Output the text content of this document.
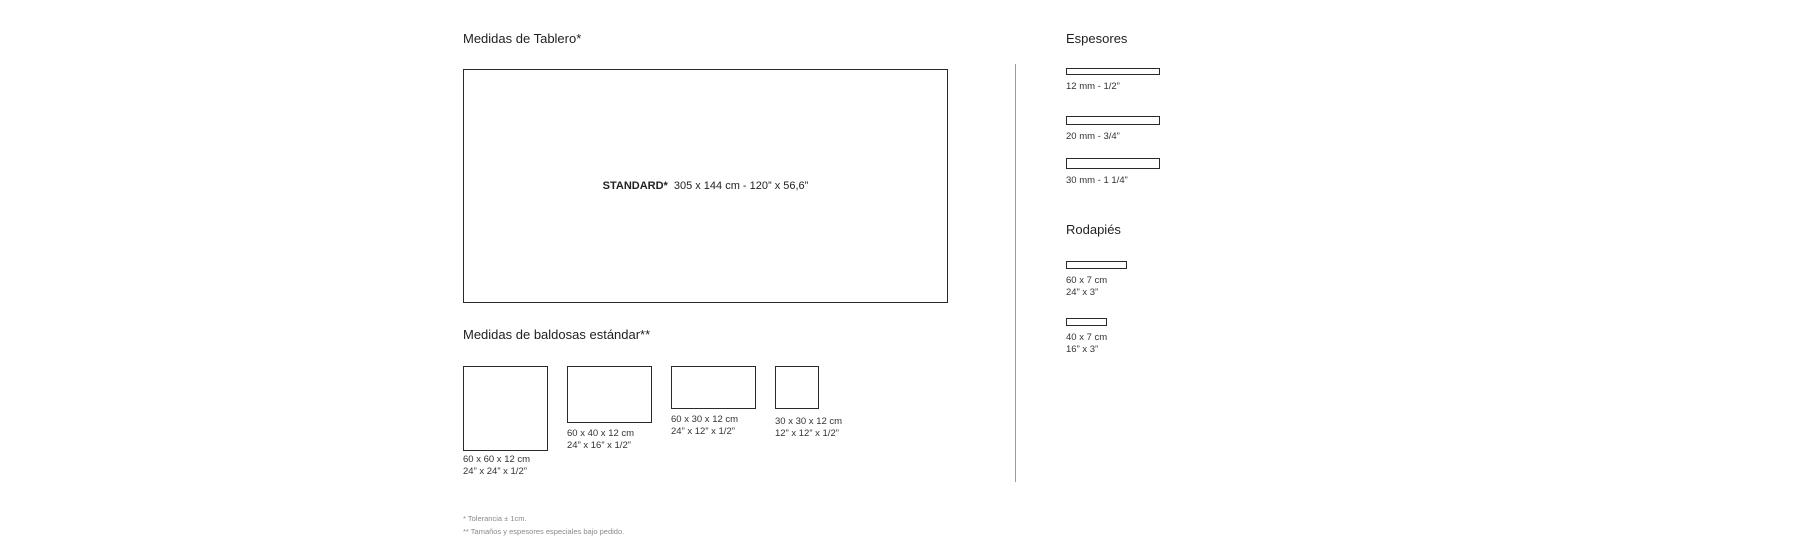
Medidas de Tablero*
STANDARD* 305 x 144 cm - 120” x 56,6”
Medidas de baldosas estándar**
60 x 60 x 12 cm
24” x 24” x 1/2”
60 x 40 x 12 cm
24” x 16” x 1/2”
60 x 30 x 12 cm
24” x 12” x 1/2”
30 x 30 x 12 cm
12” x 12” x 1/2”
* Tolerancia ± 1cm.
** Tamaños y espesores especiales bajo pedido.
Espesores
12 mm - 1/2”
20 mm - 3/4”
30 mm - 1 1/4”
Rodapiés
60 x 7 cm
24” x 3”
40 x 7 cm
16” x 3”
